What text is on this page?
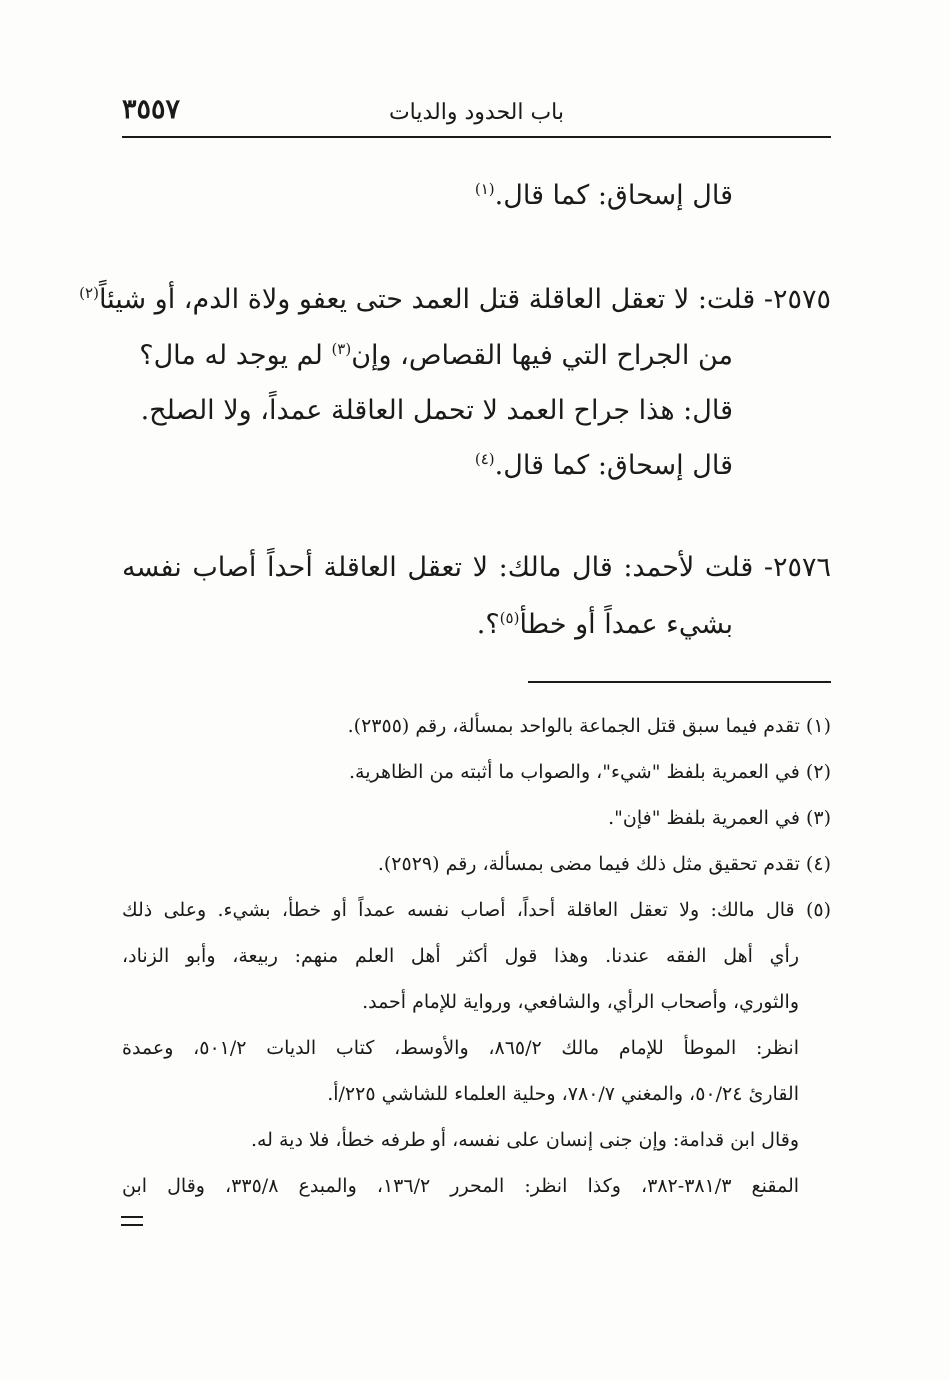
٣٥٥٧	باب الحدود والديات
قال إسحاق: كما قال.$^{(١)}$
٢٥٧٥- قلت: لا تعقل العاقلة قتل العمد حتى يعفو ولاة الدم، أو شيئاً$^{(٢)}$
من الجراح التي فيها القصاص، وإن$^{(٣)}$ لم يوجد له مال؟
قال: هذا جراح العمد لا تحمل العاقلة عمداً، ولا الصلح.
قال إسحاق: كما قال.$^{(٤)}$
٢٥٧٦- قلت لأحمد: قال مالك: لا تعقل العاقلة أحداً أصاب نفسه
بشيء عمداً أو خطأ$^{(٥)}$؟.
(١) تقدم فيما سبق قتل الجماعة بالواحد بمسألة، رقم (٢٣٥٥).
(٢) في العمرية بلفظ "شيء"، والصواب ما أثبته من الظاهرية.
(٣) في العمرية بلفظ "فإن".
(٤) تقدم تحقيق مثل ذلك فيما مضى بمسألة، رقم (٢٥٢٩).
(٥) قال مالك: ولا تعقل العاقلة أحداً، أصاب نفسه عمداً أو خطأ، بشيء. وعلى ذلك
رأي أهل الفقه عندنا. وهذا قول أكثر أهل العلم منهم: ربيعة، وأبو الزناد،
والثوري، وأصحاب الرأي، والشافعي، ورواية للإمام أحمد.
انظر: الموطأ للإمام مالك ٨٦٥/٢، والأوسط، كتاب الديات ٥٠١/٢، وعمدة
القارئ ٥٠/٢٤، والمغني ٧٨٠/٧، وحلية العلماء للشاشي ٢٢٥/أ.
وقال ابن قدامة: وإن جنى إنسان على نفسه، أو طرفه خطأ، فلا دية له.
المقنع ٣٨١/٣-٣٨٢، وكذا انظر: المحرر ١٣٦/٢، والمبدع ٣٣٥/٨، وقال ابن
